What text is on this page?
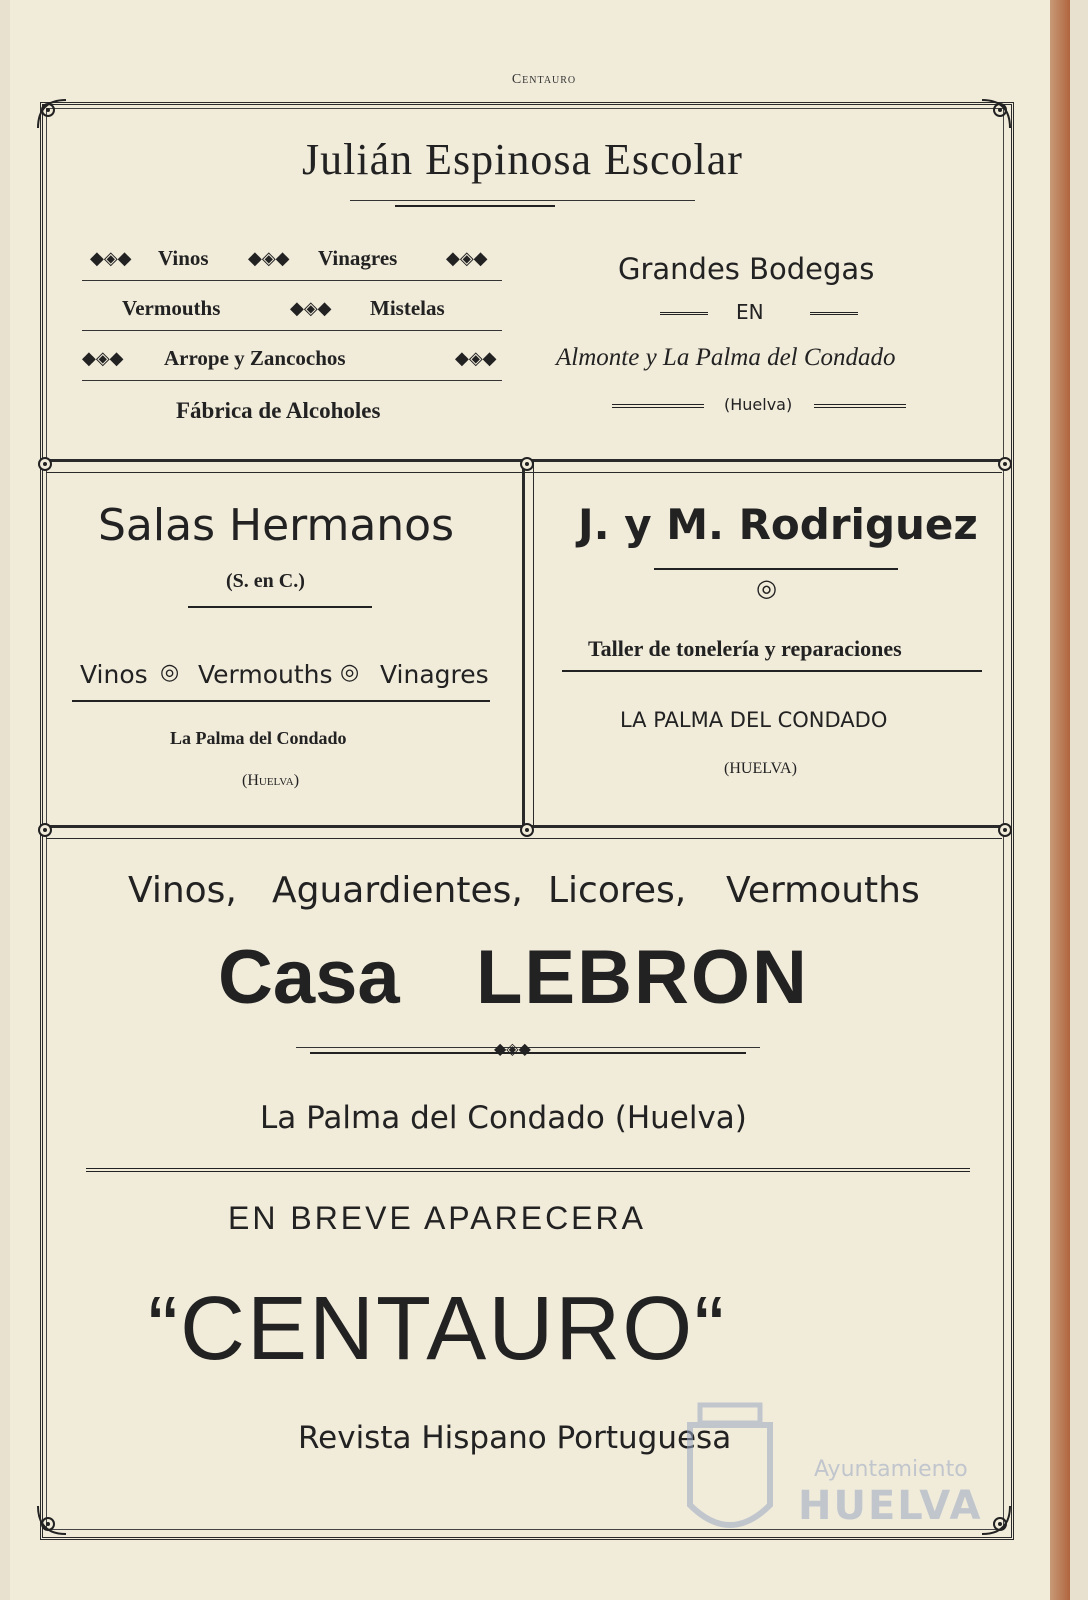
Centauro
Julián Espinosa Escolar
Vinos	Vinagres
◆◈◆	◆◈◆	◆◈◆
Vermouths	Mistelas
◆◈◆
Arrope y Zancochos
◆◈◆	◆◈◆
Fábrica de Alcoholes
Grandes Bodegas
EN
Almonte y La Palma del Condado
(Huelva)
Salas Hermanos
(S. en C.)
Vinos ◎ Vermouths ◎ Vinagres
La Palma del Condado
(Huelva)
J. y M. Rodriguez
◎
Taller de tonelería y reparaciones
LA PALMA DEL CONDADO
(HUELVA)
Vinos, Aguardientes, Licores, Vermouths
Casa LEBRON
◆◈◆
La Palma del Condado (Huelva)
EN BREVE APARECERA
“CENTAURO“
Revista Hispano Portuguesa
Ayuntamiento
HUELVA
